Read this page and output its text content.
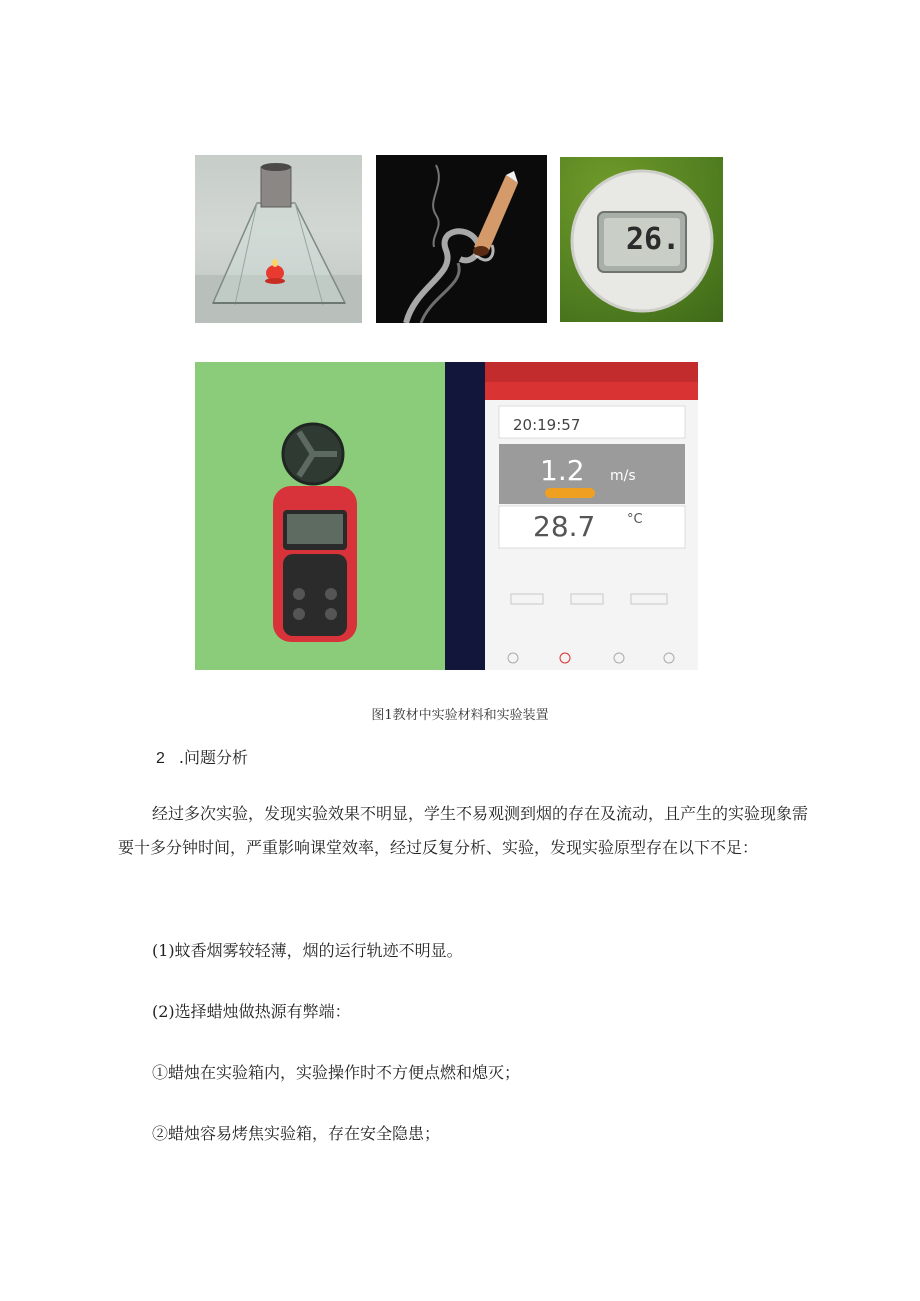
26.
20:19:57
1.2 m/s
28.7 °C
图1教材中实验材料和实验装置
2 .问题分析
经过多次实验，发现实验效果不明显，学生不易观测到烟的存在及流动，且产生的实验现象需要十多分钟时间，严重影响课堂效率，经过反复分析、实验，发现实验原型存在以下不足：
(1)蚊香烟雾较轻薄，烟的运行轨迹不明显。
(2)选择蜡烛做热源有弊端：
①蜡烛在实验箱内，实验操作时不方便点燃和熄灭；
②蜡烛容易烤焦实验箱，存在安全隐患；
